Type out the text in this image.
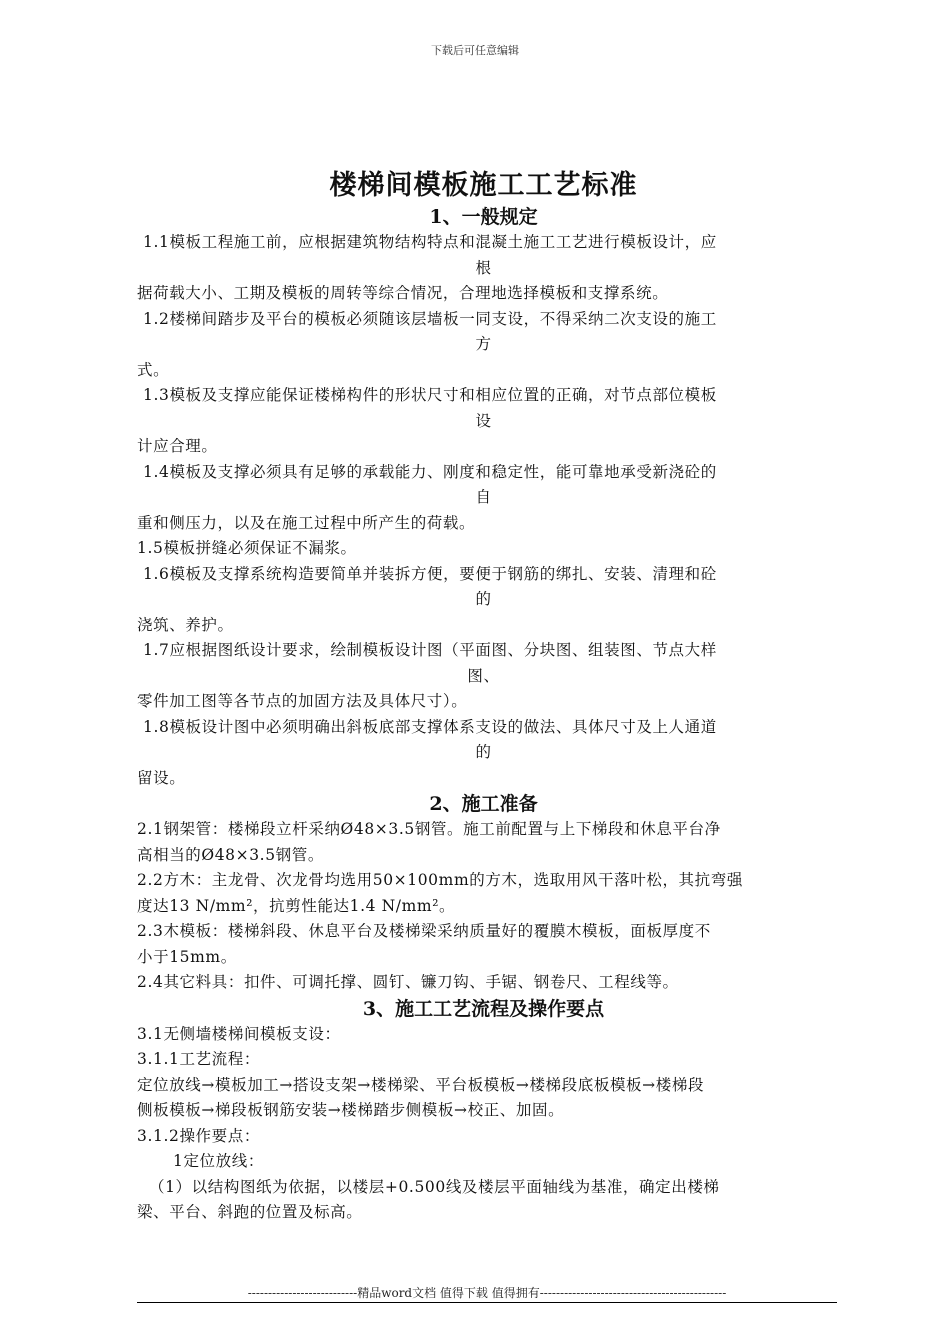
下载后可任意编辑

楼梯间模板施工工艺标准

1、一般规定

1.1模板工程施工前，应根据建筑物结构特点和混凝土施工工艺进行模板设计，应

根

据荷载大小、工期及模板的周转等综合情况，合理地选择模板和支撑系统。

1.2楼梯间踏步及平台的模板必须随该层墙板一同支设，不得采纳二次支设的施工

方

式。

1.3模板及支撑应能保证楼梯构件的形状尺寸和相应位置的正确，对节点部位模板

设

计应合理。

1.4模板及支撑必须具有足够的承载能力、刚度和稳定性，能可靠地承受新浇砼的

自

重和侧压力，以及在施工过程中所产生的荷载。

1.5模板拼缝必须保证不漏浆。

1.6模板及支撑系统构造要简单并装拆方便，要便于钢筋的绑扎、安装、清理和砼

的

浇筑、养护。

1.7应根据图纸设计要求，绘制模板设计图（平面图、分块图、组装图、节点大样

图、

零件加工图等各节点的加固方法及具体尺寸）。

1.8模板设计图中必须明确出斜板底部支撑体系支设的做法、具体尺寸及上人通道

的

留设。

2、施工准备

2.1钢架管：楼梯段立杆采纳Ø48×3.5钢管。施工前配置与上下梯段和休息平台净

高相当的Ø48×3.5钢管。

2.2方木：主龙骨、次龙骨均选用50×100mm的方木，选取用风干落叶松，其抗弯强

度达13 N/mm²，抗剪性能达1.4 N/mm²。

2.3木模板：楼梯斜段、休息平台及楼梯梁采纳质量好的覆膜木模板，面板厚度不

小于15mm。

2.4其它料具：扣件、可调托撑、圆钉、镰刀钩、手锯、钢卷尺、工程线等。

3、施工工艺流程及操作要点

3.1无侧墙楼梯间模板支设：

3.1.1工艺流程：

定位放线→模板加工→搭设支架→楼梯梁、平台板模板→楼梯段底板模板→楼梯段

侧板模板→梯段板钢筋安装→楼梯踏步侧模板→校正、加固。

3.1.2操作要点：

1定位放线：

（1）以结构图纸为依据，以楼层+0.500线及楼层平面轴线为基准，确定出楼梯

梁、平台、斜跑的位置及标高。

---------------------------精品word文档 值得下载 值得拥有----------------------------------------------
